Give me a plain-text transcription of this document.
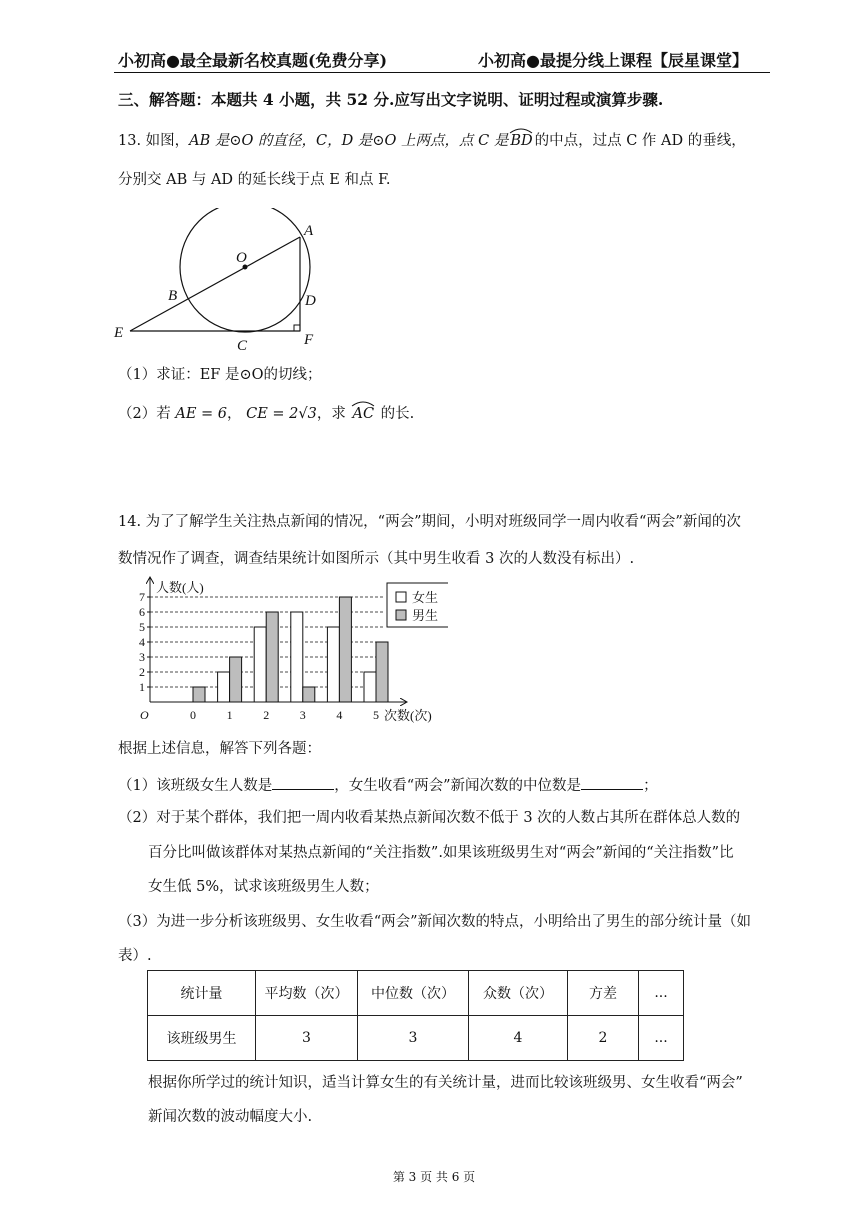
小初高●最全最新名校真题(免费分享)	小初高●最提分线上课程【辰星课堂】
三、解答题：本题共 4 小题，共 52 分.应写出文字说明、证明过程或演算步骤.
13. 如图，AB 是⊙O 的直径，C，D 是⊙O 上两点，点 C 是 BD 的中点，过点 C 作 AD 的垂线，
分别交 AB 与 AD 的延长线于点 E 和点 F.
A
O
B	D
E
C	F
（1）求证：EF 是⊙O的切线；
（2）若 AE = 6， CE = 2√3，求 AC 的长.
14. 为了了解学生关注热点新闻的情况，“两会”期间，小明对班级同学一周内收看“两会”新闻的次
数情况作了调查，调查结果统计如图所示（其中男生收看 3 次的人数没有标出）.
1
2
3
4
5
6
7
0	1	2	3	4	5
人数(人)
次数(次)
O
女生
男生
根据上述信息，解答下列各题：
（1）该班级女生人数是	，女生收看“两会”新闻次数的中位数是	；
（2）对于某个群体，我们把一周内收看某热点新闻次数不低于 3 次的人数占其所在群体总人数的
百分比叫做该群体对某热点新闻的“关注指数”.如果该班级男生对“两会”新闻的“关注指数”比
女生低 5%，试求该班级男生人数；
（3）为进一步分析该班级男、女生收看“两会”新闻次数的特点，小明给出了男生的部分统计量（如
表）.
统计量	平均数（次）	中位数（次）	众数（次）	方差	...
该班级男生	3	3	4	2	...
根据你所学过的统计知识，适当计算女生的有关统计量，进而比较该班级男、女生收看“两会”
新闻次数的波动幅度大小.
第 3 页 共 6 页
